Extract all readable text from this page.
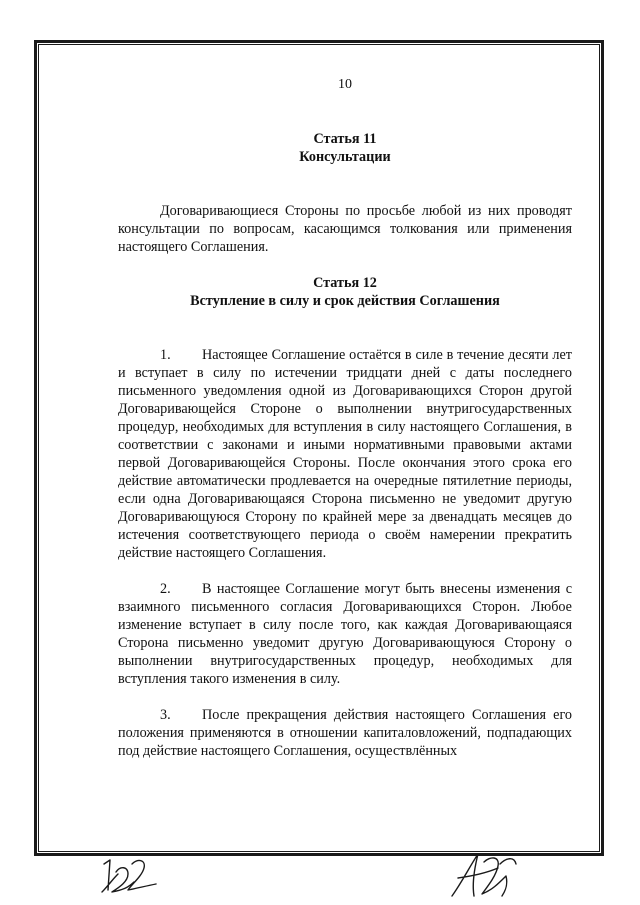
10
Статья 11
Консультации

Договаривающиеся Стороны по просьбе любой из них проводят консультации по вопросам, касающимся толкования или применения настоящего Соглашения.

Статья 12
Вступление в силу и срок действия Соглашения

1. Настоящее Соглашение остаётся в силе в течение десяти лет и вступает в силу по истечении тридцати дней с даты последнего письменного уведомления одной из Договаривающихся Сторон другой Договаривающейся Стороне о выполнении внутригосударственных процедур, необходимых для вступления в силу настоящего Соглашения, в соответствии с законами и иными нормативными правовыми актами первой Договаривающейся Стороны. После окончания этого срока его действие автоматически продлевается на очередные пятилетние периоды, если одна Договаривающаяся Сторона письменно не уведомит другую Договаривающуюся Сторону по крайней мере за двенадцать месяцев до истечения соответствующего периода о своём намерении прекратить действие настоящего Соглашения.

2. В настоящее Соглашение могут быть внесены изменения с взаимного письменного согласия Договаривающихся Сторон. Любое изменение вступает в силу после того, как каждая Договаривающаяся Сторона письменно уведомит другую Договаривающуюся Сторону о выполнении внутригосударственных процедур, необходимых для вступления такого изменения в силу.

3. После прекращения действия настоящего Соглашения его положения применяются в отношении капиталовложений, подпадающих под действие настоящего Соглашения, осуществлённых
